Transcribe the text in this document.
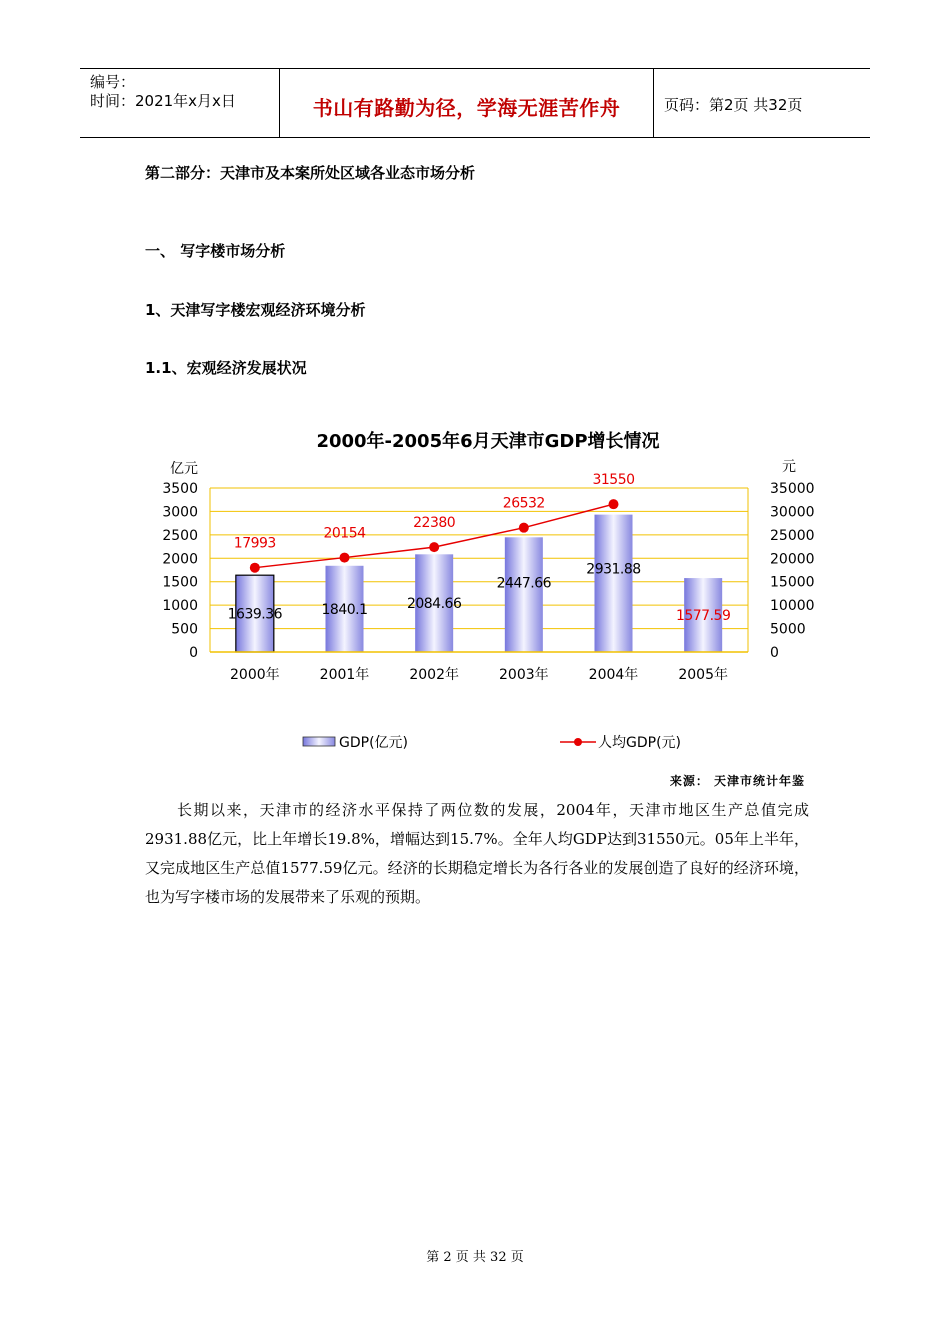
编号：
时间：2021年x月x日	书山有路勤为径，学海无涯苦作舟	页码：第2页 共32页
第二部分：天津市及本案所处区域各业态市场分析
一、 写字楼市场分析
1、天津写字楼宏观经济环境分析
1.1、宏观经济发展状况
2000年-2005年6月天津市GDP增长情况
亿元	元
1639.36	1840.1	2084.66
2447.66
2931.88
1577.59
17993
20154
22380
26532
31550
0
500
1000
1500
2000
2500
3000
3500
0
5000
10000
15000
20000
25000
30000
35000
2000年	2001年	2002年	2003年	2004年	2005年
GDP(亿元)	人均GDP(元)
来源： 天津市统计年鉴
长期以来，天津市的经济水平保持了两位数的发展，2004年，天津市地区生产总值完成2931.88亿元，比上年增长19.8%，增幅达到15.7%。全年人均GDP达到31550元。05年上半年，又完成地区生产总值1577.59亿元。经济的长期稳定增长为各行各业的发展创造了良好的经济环境，也为写字楼市场的发展带来了乐观的预期。
第 2 页 共 32 页
